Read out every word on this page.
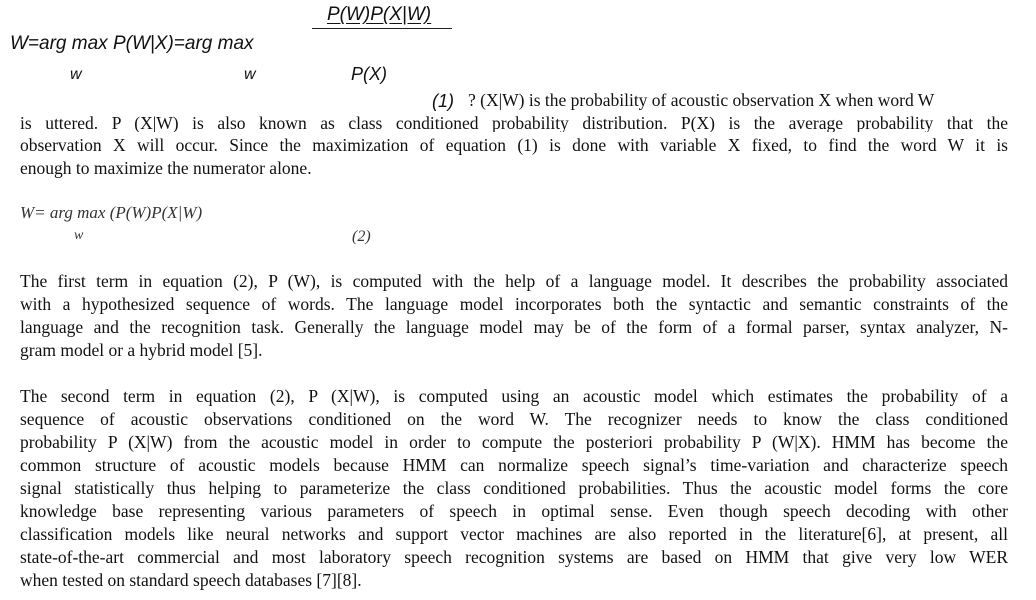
P(W)P(X|W)
W=arg max P(W|X)=arg max
w	w	P(X)
(1) ? (X|W) is the probability of acoustic observation X when word W
is uttered. P (X|W) is also known as class conditioned probability distribution. P(X) is the average probability that the
observation X will occur. Since the maximization of equation (1) is done with variable X fixed, to find the word W it is
enough to maximize the numerator alone.
W= arg max (P(W)P(X|W)
w	(2)
The first term in equation (2), P (W), is computed with the help of a language model. It describes the probability associated
with a hypothesized sequence of words. The language model incorporates both the syntactic and semantic constraints of the
language and the recognition task. Generally the language model may be of the form of a formal parser, syntax analyzer, N-
gram model or a hybrid model [5].
The second term in equation (2), P (X|W), is computed using an acoustic model which estimates the probability of a
sequence of acoustic observations conditioned on the word W. The recognizer needs to know the class conditioned
probability P (X|W) from the acoustic model in order to compute the posteriori probability P (W|X). HMM has become the
common structure of acoustic models because HMM can normalize speech signal’s time-variation and characterize speech
signal statistically thus helping to parameterize the class conditioned probabilities. Thus the acoustic model forms the core
knowledge base representing various parameters of speech in optimal sense. Even though speech decoding with other
classification models like neural networks and support vector machines are also reported in the literature[6], at present, all
state-of-the-art commercial and most laboratory speech recognition systems are based on HMM that give very low WER
when tested on standard speech databases [7][8].
